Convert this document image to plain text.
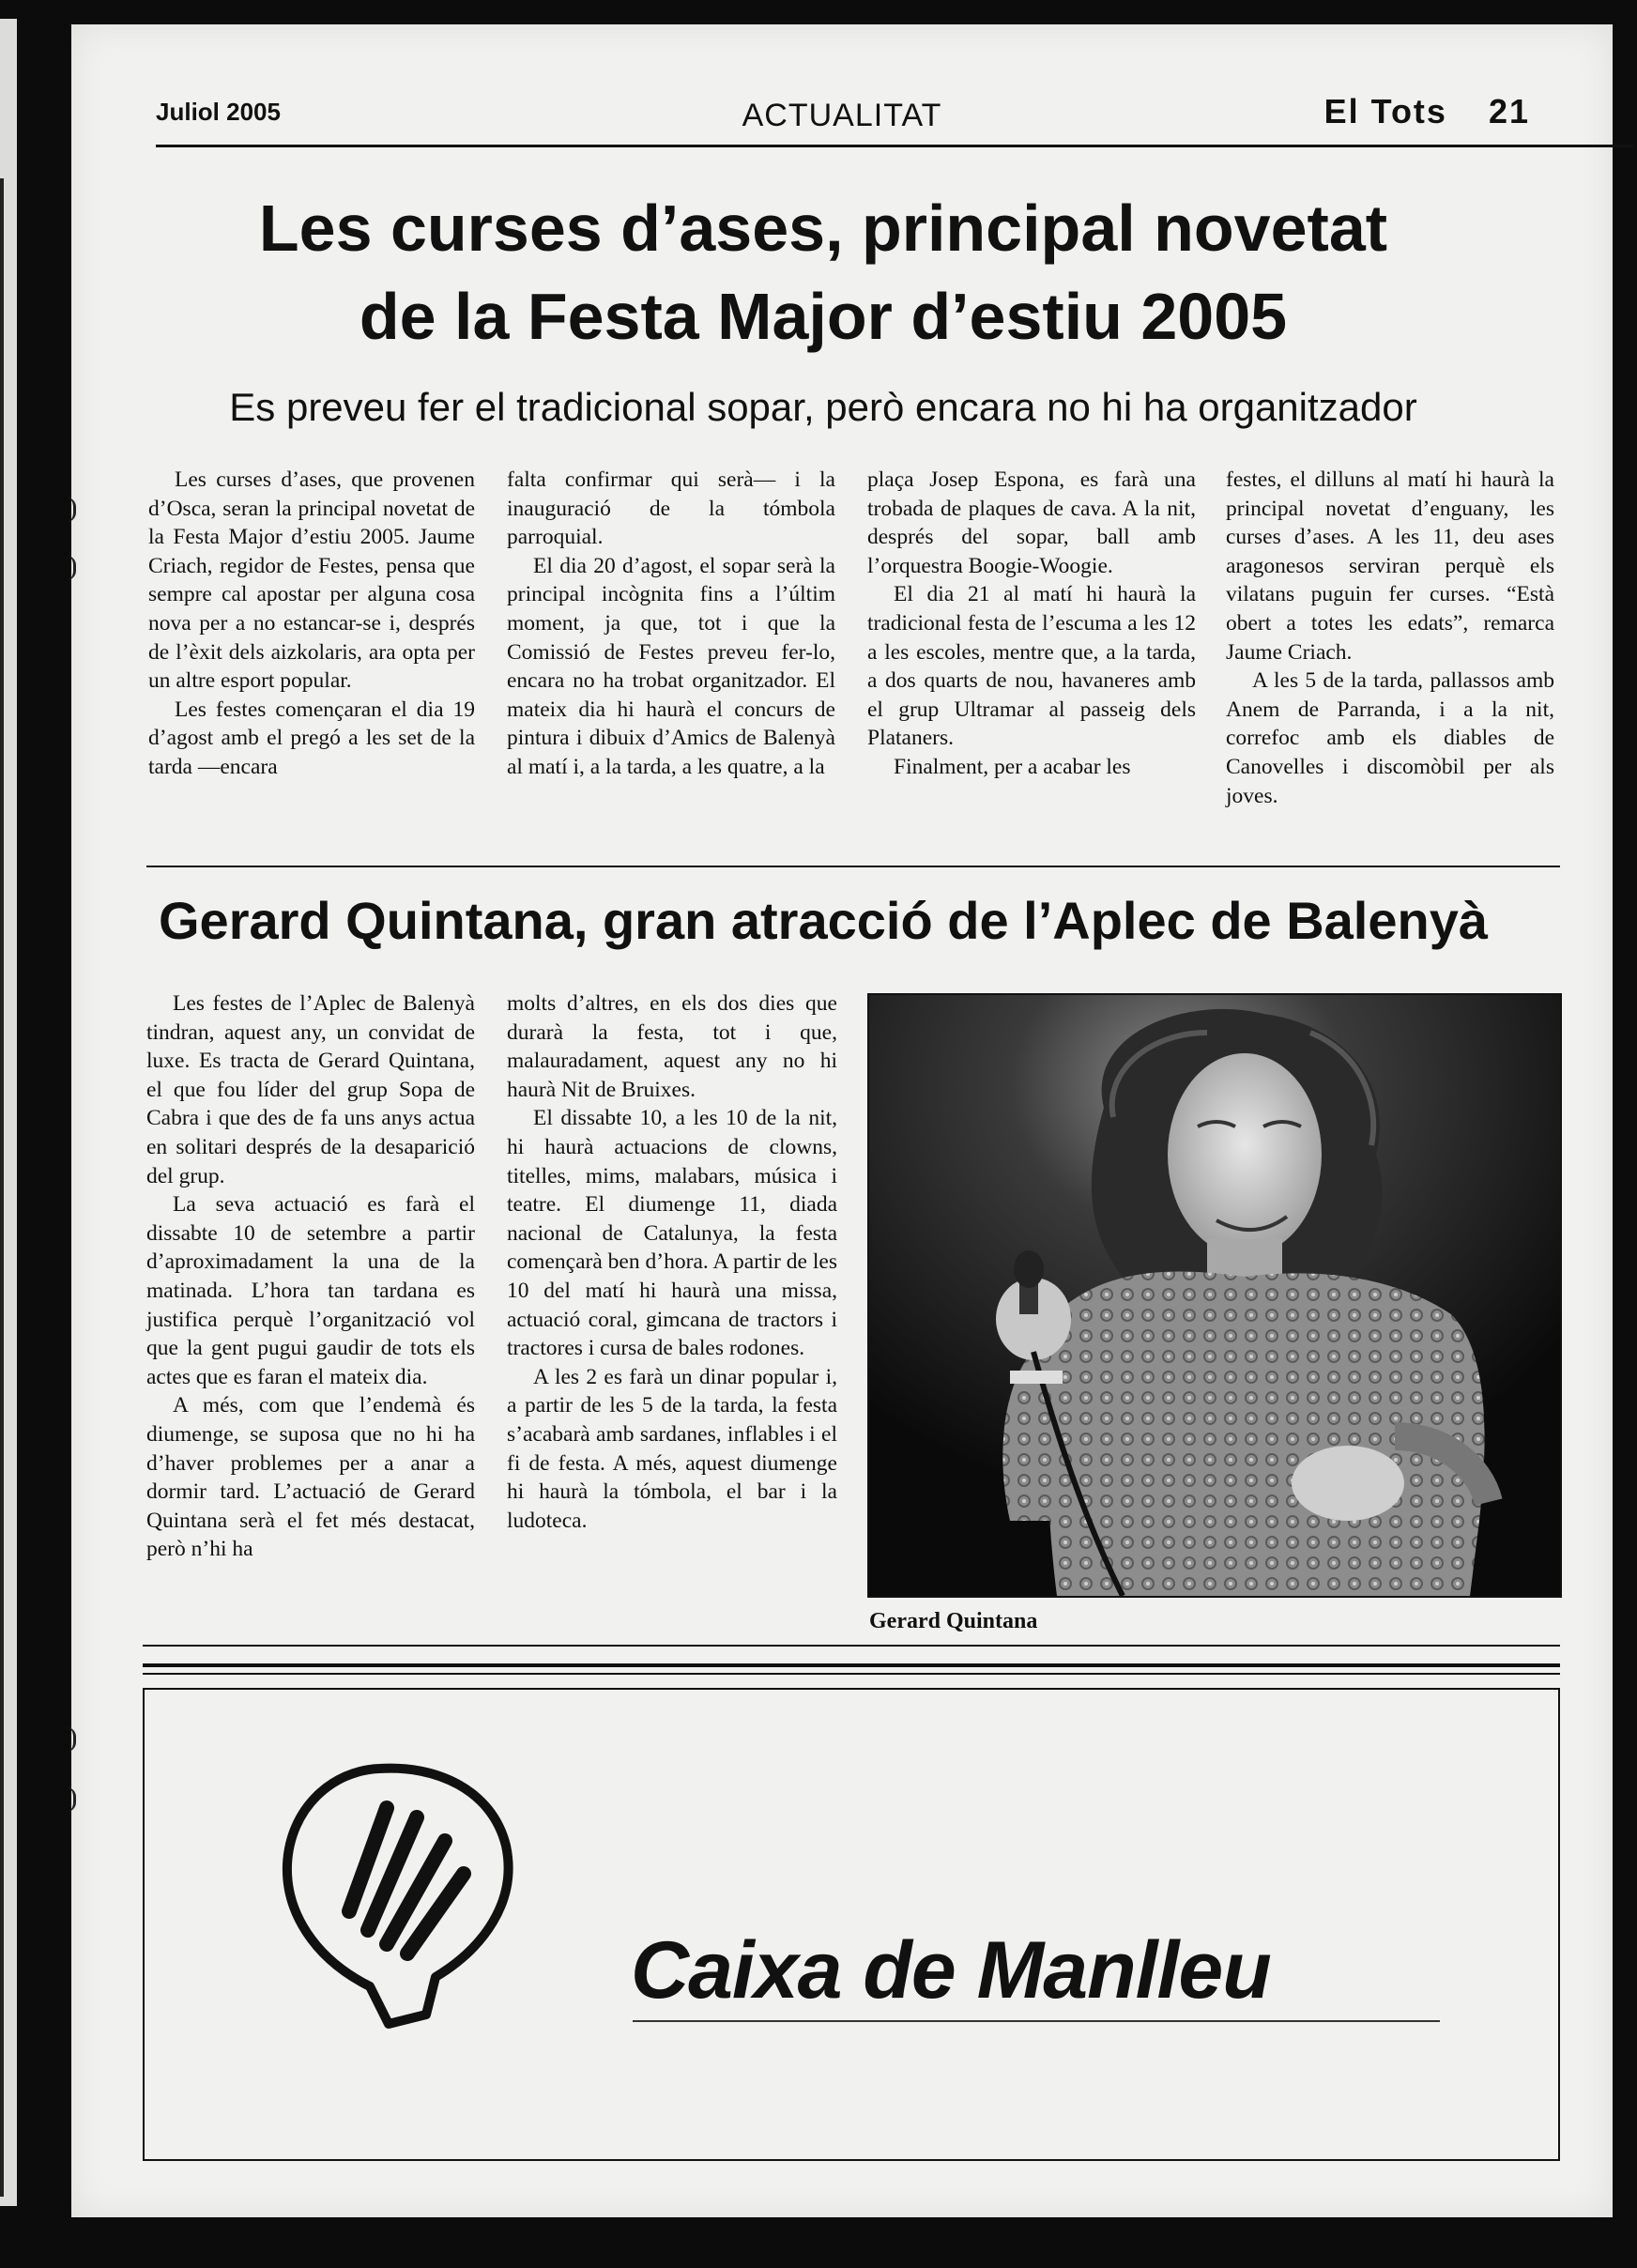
Juliol 2005	ACTUALITAT	El Tots 21
Les curses d’ases, principal novetat
de la Festa Major d’estiu 2005
Es preveu fer el tradicional sopar, però encara no hi ha organitzador

Les curses d’ases, que provenen d’Osca, seran la principal novetat de la Festa Major d’estiu 2005. Jaume Criach, regidor de Festes, pensa que sempre cal apostar per alguna cosa nova per a no estancar-se i, després de l’èxit dels aizkolaris, ara opta per un altre esport popular.

Les festes començaran el dia 19 d’agost amb el pregó a les set de la tarda —encara

falta confirmar qui serà— i la inauguració de la tómbola parroquial.

El dia 20 d’agost, el sopar serà la principal incògnita fins a l’últim moment, ja que, tot i que la Comissió de Festes preveu fer-lo, encara no ha trobat organitzador. El mateix dia hi haurà el concurs de pintura i dibuix d’Amics de Balenyà al matí i, a la tarda, a les quatre, a la

plaça Josep Espona, es farà una trobada de plaques de cava. A la nit, després del sopar, ball amb l’orquestra Boogie-Woogie.

El dia 21 al matí hi haurà la tradicional festa de l’escuma a les 12 a les escoles, mentre que, a la tarda, a dos quarts de nou, havaneres amb el grup Ultramar al passeig dels Plataners.

Finalment, per a acabar les

festes, el dilluns al matí hi haurà la principal novetat d’enguany, les curses d’ases. A les 11, deu ases aragonesos serviran perquè els vilatans puguin fer curses. “Està obert a totes les edats”, remarca Jaume Criach.

A les 5 de la tarda, pallassos amb Anem de Parranda, i a la nit, correfoc amb els diables de Canovelles i discomòbil per als joves.

Gerard Quintana, gran atracció de l’Aplec de Balenyà

Les festes de l’Aplec de Balenyà tindran, aquest any, un convidat de luxe. Es tracta de Gerard Quintana, el que fou líder del grup Sopa de Cabra i que des de fa uns anys actua en solitari després de la desaparició del grup.

La seva actuació es farà el dissabte 10 de setembre a partir d’aproximadament la una de la matinada. L’hora tan tardana es justifica perquè l’organització vol que la gent pugui gaudir de tots els actes que es faran el mateix dia.

A més, com que l’endemà és diumenge, se suposa que no hi ha d’haver problemes per a anar a dormir tard. L’actuació de Gerard Quintana serà el fet més destacat, però n’hi ha

molts d’altres, en els dos dies que durarà la festa, tot i que, malauradament, aquest any no hi haurà Nit de Bruixes.

El dissabte 10, a les 10 de la nit, hi haurà actuacions de clowns, titelles, mims, malabars, música i teatre. El diumenge 11, diada nacional de Catalunya, la festa començarà ben d’hora. A partir de les 10 del matí hi haurà una missa, actuació coral, gimcana de tractors i tractores i cursa de bales rodones.

A les 2 es farà un dinar popular i, a partir de les 5 de la tarda, la festa s’acabarà amb sardanes, inflables i el fi de festa. A més, aquest diumenge hi haurà la tómbola, el bar i la ludoteca.

Gerard Quintana
Caixa de Manlleu
